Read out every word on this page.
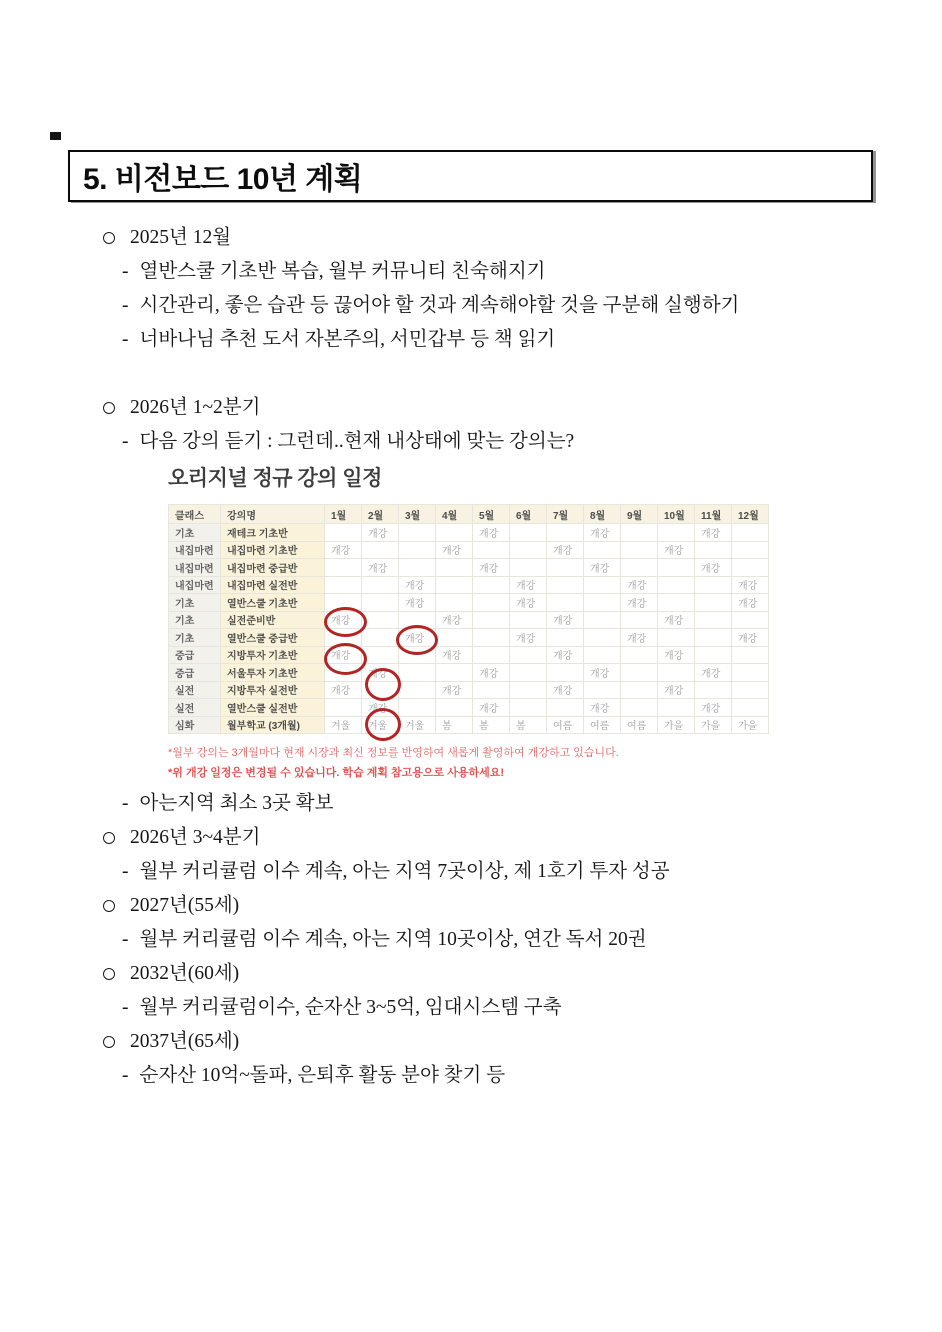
5. 비전보드 10년 계획
2025년 12월
- 열반스쿨 기초반 복습, 월부 커뮤니티 친숙해지기
- 시간관리, 좋은 습관 등 끊어야 할 것과 계속해야할 것을 구분해 실행하기
- 너바나님 추천 도서 자본주의, 서민갑부 등 책 읽기
2026년 1~2분기
- 다음 강의 듣기 : 그런데..현재 내상태에 맞는 강의는?
오리지널 정규 강의 일정
클래스	강의명	1월	2월	3월	4월	5월	6월	7월	8월	9월	10월	11월	12월
기초	재테크 기초반		개강			개강			개강			개강	
내집마련	내집마련 기초반	개강			개강			개강			개강		
내집마련	내집마련 중급반		개강			개강			개강			개강	
내집마련	내집마련 실전반			개강			개강			개강			개강
기초	열반스쿨 기초반			개강			개강			개강			개강
기초	실전준비반	개강			개강			개강			개강		
기초	열반스쿨 중급반			개강			개강			개강			개강
중급	지방투자 기초반	개강			개강			개강			개강		
중급	서울투자 기초반		개강			개강			개강			개강	
실전	지방투자 실전반	개강			개강			개강			개강		
실전	열반스쿨 실전반		개강			개강			개강			개강	
심화	월부학교 (3개월)	겨울	겨울	겨울	봄	봄	봄	여름	여름	여름	가을	가을	가을
*월부 강의는 3개월마다 현재 시장과 최신 정보를 반영하여 새롭게 촬영하여 개강하고 있습니다.
*위 개강 일정은 변경될 수 있습니다. 학습 계획 참고용으로 사용하세요!
- 아는지역 최소 3곳 확보
2026년 3~4분기
- 월부 커리큘럼 이수 계속, 아는 지역 7곳이상, 제 1호기 투자 성공
2027년(55세)
- 월부 커리큘럼 이수 계속, 아는 지역 10곳이상, 연간 독서 20권
2032년(60세)
- 월부 커리큘럼이수, 순자산 3~5억, 임대시스템 구축
2037년(65세)
- 순자산 10억~돌파, 은퇴후 활동 분야 찾기 등
